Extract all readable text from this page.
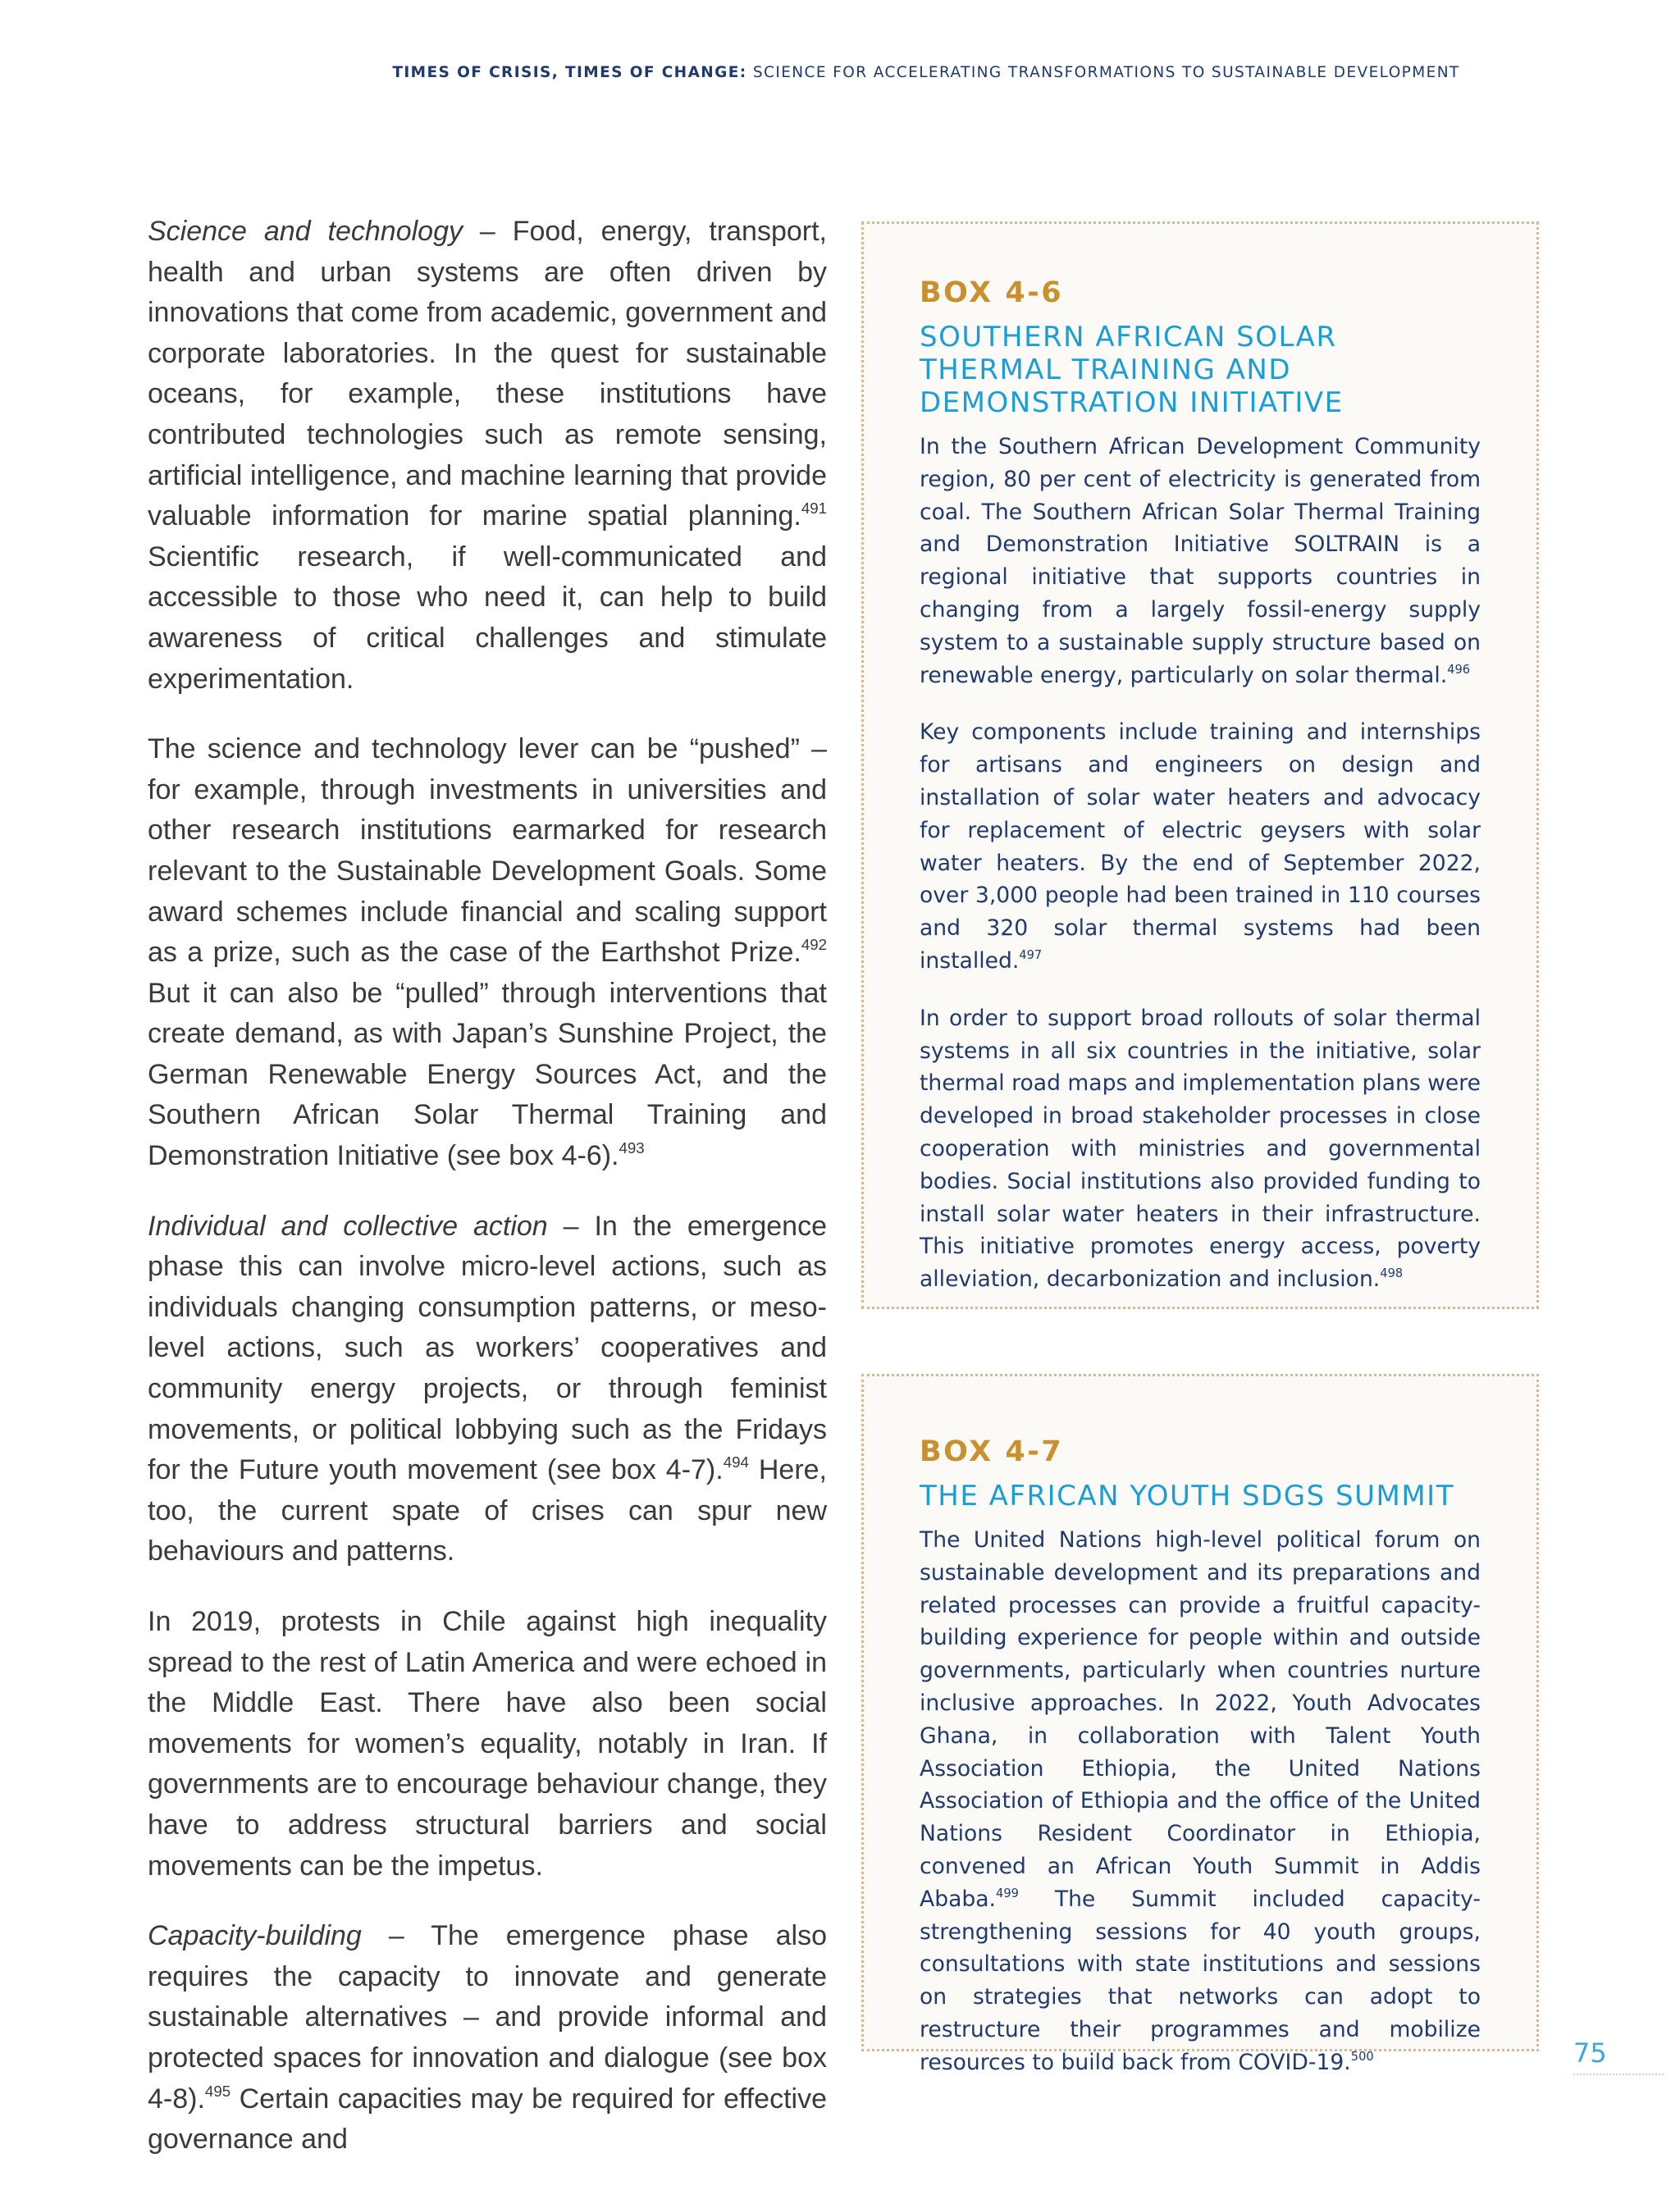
TIMES OF CRISIS, TIMES OF CHANGE: SCIENCE FOR ACCELERATING TRANSFORMATIONS TO SUSTAINABLE DEVELOPMENT

Science and technology – Food, energy, transport, health and urban systems are often driven by innovations that come from academic, government and corporate laboratories. In the quest for sustainable oceans, for example, these institutions have contributed technologies such as remote sensing, artificial intelligence, and machine learning that provide valuable information for marine spatial planning.$^{491}$ Scientific research, if well-communicated and accessible to those who need it, can help to build awareness of critical challenges and stimulate experimentation.

The science and technology lever can be “pushed” – for example, through investments in universities and other research institutions earmarked for research relevant to the Sustainable Development Goals. Some award schemes include financial and scaling support as a prize, such as the case of the Earthshot Prize.$^{492}$ But it can also be “pulled” through interventions that create demand, as with Japan’s Sunshine Project, the German Renewable Energy Sources Act, and the Southern African Solar Thermal Training and Demonstration Initiative (see box 4-6).$^{493}$

Individual and collective action – In the emergence phase this can involve micro-level actions, such as individuals changing consumption patterns, or meso-level actions, such as workers’ cooperatives and community energy projects, or through feminist movements, or political lobbying such as the Fridays for the Future youth movement (see box 4-7).$^{494}$ Here, too, the current spate of crises can spur new behaviours and patterns.

In 2019, protests in Chile against high inequality spread to the rest of Latin America and were echoed in the Middle East. There have also been social movements for women’s equality, notably in Iran. If governments are to encourage behaviour change, they have to address structural barriers and social movements can be the impetus.

Capacity-building – The emergence phase also requires the capacity to innovate and generate sustainable alternatives – and provide informal and protected spaces for innovation and dialogue (see box 4-8).$^{495}$ Certain capacities may be required for effective governance and

BOX 4-6
SOUTHERN AFRICAN SOLAR
THERMAL TRAINING AND
DEMONSTRATION INITIATIVE

In the Southern African Development Community region, 80 per cent of electricity is generated from coal. The Southern African Solar Thermal Training and Demonstration Initiative SOLTRAIN is a regional initiative that supports countries in changing from a largely fossil-energy supply system to a sustainable supply structure based on renewable energy, particularly on solar thermal.$^{496}$

Key components include training and internships for artisans and engineers on design and installation of solar water heaters and advocacy for replacement of electric geysers with solar water heaters. By the end of September 2022, over 3,000 people had been trained in 110 courses and 320 solar thermal systems had been installed.$^{497}$

In order to support broad rollouts of solar thermal systems in all six countries in the initiative, solar thermal road maps and implementation plans were developed in broad stakeholder processes in close cooperation with ministries and governmental bodies. Social institutions also provided funding to install solar water heaters in their infrastructure. This initiative promotes energy access, poverty alleviation, decarbonization and inclusion.$^{498}$

BOX 4-7
THE AFRICAN YOUTH SDGS SUMMIT

The United Nations high-level political forum on sustainable development and its preparations and related processes can provide a fruitful capacity-building experience for people within and outside governments, particularly when countries nurture inclusive approaches. In 2022, Youth Advocates Ghana, in collaboration with Talent Youth Association Ethiopia, the United Nations Association of Ethiopia and the office of the United Nations Resident Coordinator in Ethiopia, convened an African Youth Summit in Addis Ababa.$^{499}$ The Summit included capacity-strengthening sessions for 40 youth groups, consultations with state institutions and sessions on strategies that networks can adopt to restructure their programmes and mobilize resources to build back from COVID-19.$^{500}$	75
